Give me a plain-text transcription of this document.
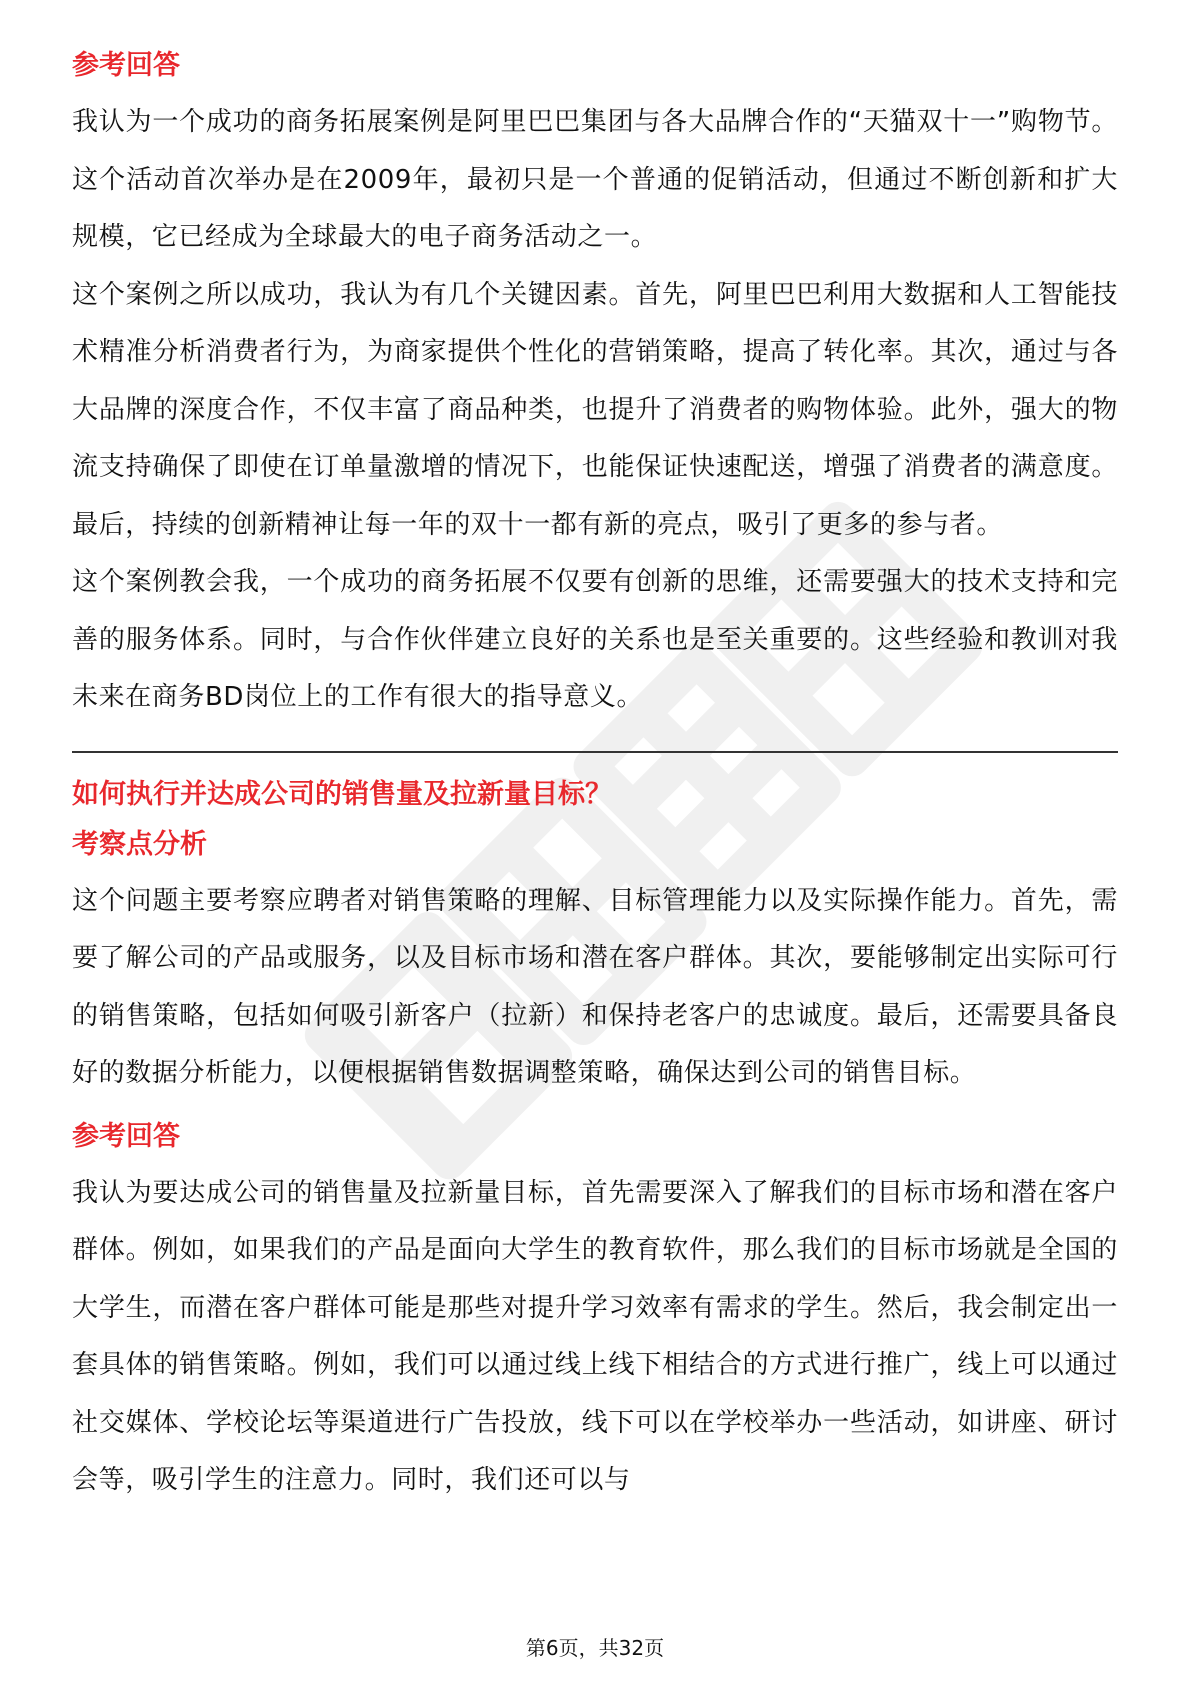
参考回答

我认为一个成功的商务拓展案例是阿里巴巴集团与各大品牌合作的“天猫双十一”购物节。这个活动首次举办是在2009年，最初只是一个普通的促销活动，但通过不断创新和扩大规模，它已经成为全球最大的电子商务活动之一。

这个案例之所以成功，我认为有几个关键因素。首先，阿里巴巴利用大数据和人工智能技术精准分析消费者行为，为商家提供个性化的营销策略，提高了转化率。其次，通过与各大品牌的深度合作，不仅丰富了商品种类，也提升了消费者的购物体验。此外，强大的物流支持确保了即使在订单量激增的情况下，也能保证快速配送，增强了消费者的满意度。最后，持续的创新精神让每一年的双十一都有新的亮点，吸引了更多的参与者。

这个案例教会我，一个成功的商务拓展不仅要有创新的思维，还需要强大的技术支持和完善的服务体系。同时，与合作伙伴建立良好的关系也是至关重要的。这些经验和教训对我未来在商务BD岗位上的工作有很大的指导意义。

如何执行并达成公司的销售量及拉新量目标？
考察点分析

这个问题主要考察应聘者对销售策略的理解、目标管理能力以及实际操作能力。首先，需要了解公司的产品或服务，以及目标市场和潜在客户群体。其次，要能够制定出实际可行的销售策略，包括如何吸引新客户（拉新）和保持老客户的忠诚度。最后，还需要具备良好的数据分析能力，以便根据销售数据调整策略，确保达到公司的销售目标。

参考回答

我认为要达成公司的销售量及拉新量目标，首先需要深入了解我们的目标市场和潜在客户群体。例如，如果我们的产品是面向大学生的教育软件，那么我们的目标市场就是全国的大学生，而潜在客户群体可能是那些对提升学习效率有需求的学生。然后，我会制定出一套具体的销售策略。例如，我们可以通过线上线下相结合的方式进行推广，线上可以通过社交媒体、学校论坛等渠道进行广告投放，线下可以在学校举办一些活动，如讲座、研讨会等，吸引学生的注意力。同时，我们还可以与

第6页，共32页
